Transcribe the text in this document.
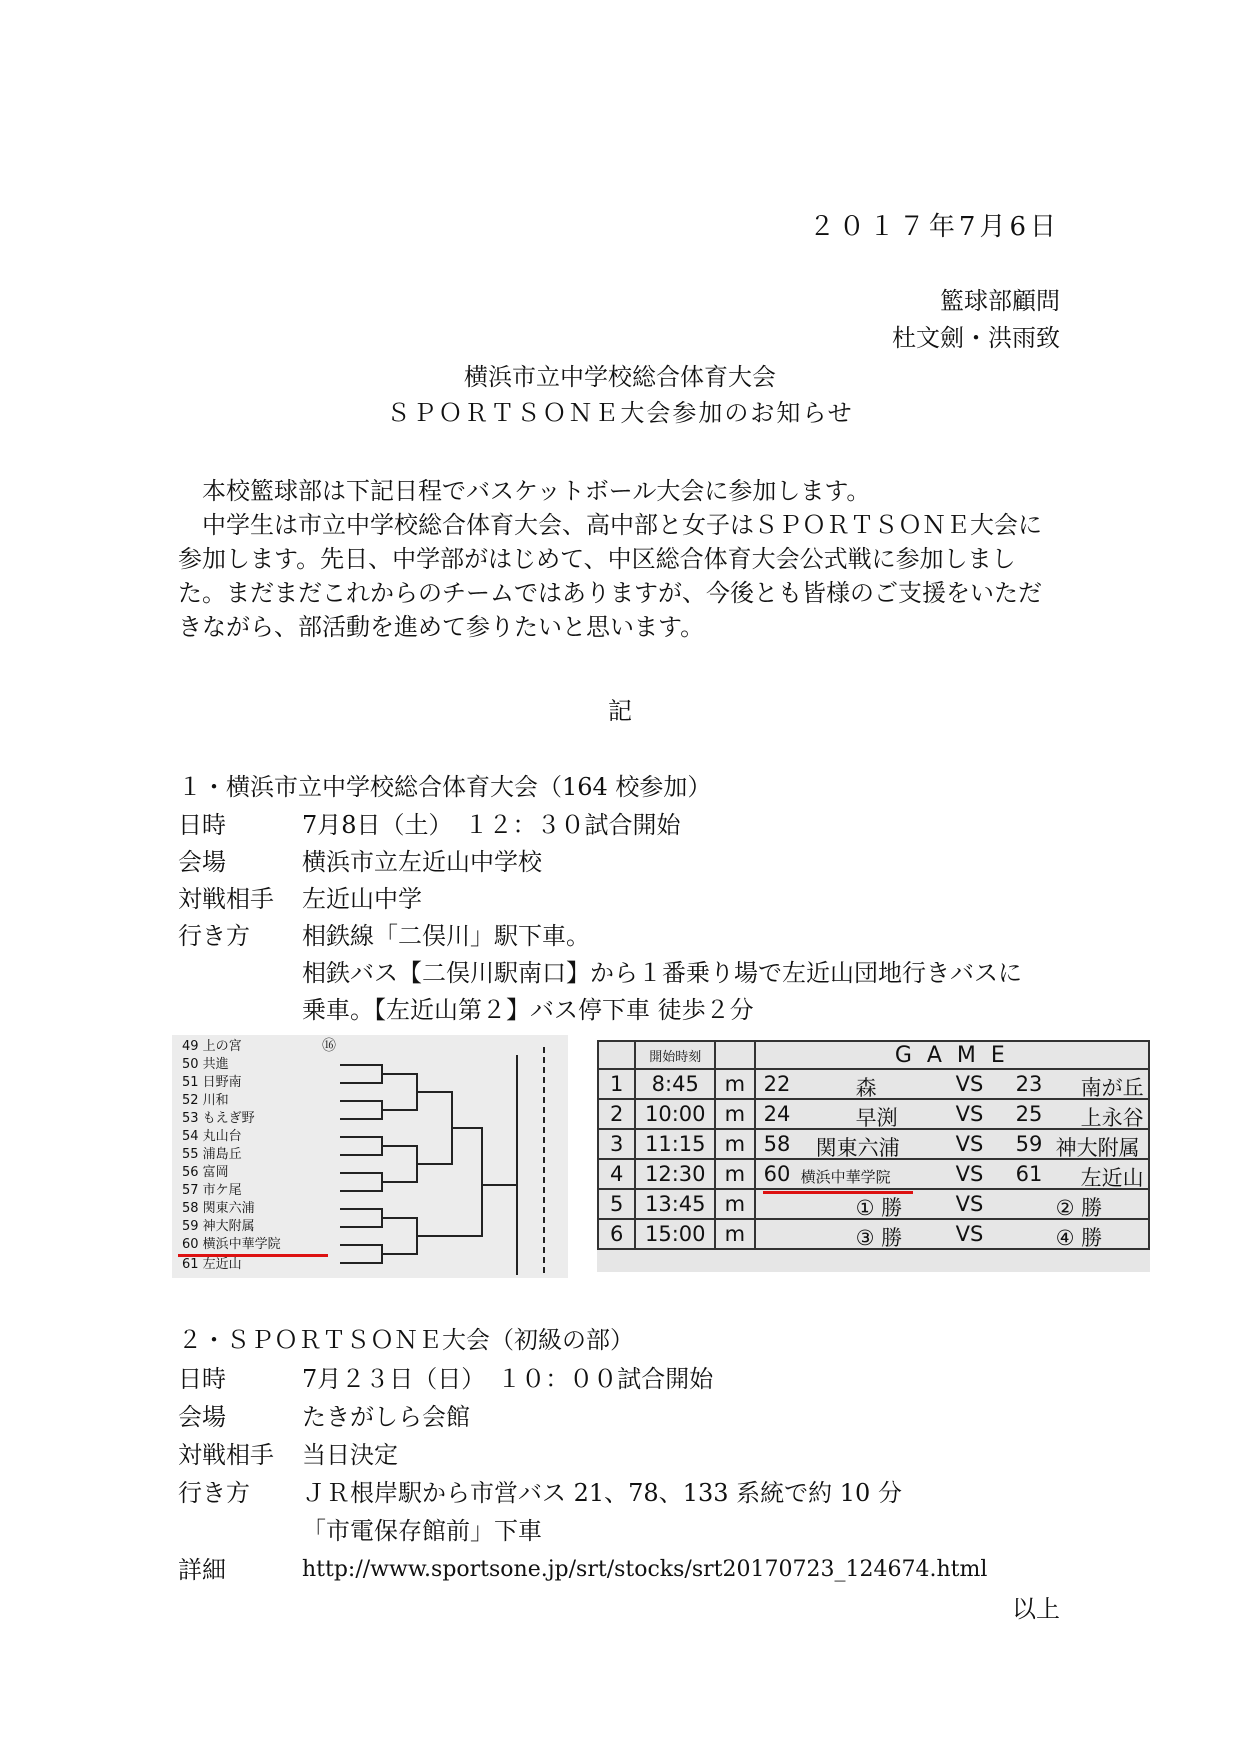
２０１７年7月6日
籃球部顧問
杜文劍・洪雨致
横浜市立中学校総合体育大会
ＳＰＯＲＴＳＯＮＥ大会参加のお知らせ

　本校籃球部は下記日程でバスケットボール大会に参加します。

　中学生は市立中学校総合体育大会、高中部と女子はＳＰＯＲＴＳＯＮＥ大会に参加します。先日、中学部がはじめて、中区総合体育大会公式戦に参加しました。まだまだこれからのチームではありますが、今後とも皆様のご支援をいただきながら、部活動を進めて参りたいと思います。

記
１・横浜市立中学校総合体育大会（164 校参加）
日時	7月8日（土）　１２：３０試合開始
会場	横浜市立左近山中学校
対戦相手 左近山中学
行き方 相鉄線「二俣川」駅下車。
相鉄バス【二俣川駅南口】から１番乗り場で左近山団地行きバスに
乗車。【左近山第２】バス停下車 徒歩２分
⑯
49 上の宮
50 共進
51 日野南
52 川和
53 もえぎ野
54 丸山台
55 浦島丘
56 富岡
57 市ケ尾
58 関東六浦
59 神大附属
60 横浜中華学院
61 左近山
	開始時刻		G A M E
1	8:45	m	22 森 VS 23 南が丘

2	10:00	m	24 早渕 VS 25 上永谷

3	11:15	m	58 関東六浦 VS 59 神大附属

4	12:30	m	60 横浜中華学院 VS 61 左近山

5	13:45	m	① 勝 VS ② 勝

6	15:00	m	③ 勝 VS ④ 勝
２・ＳＰＯＲＴＳＯＮＥ大会（初級の部）
日時	7月２３日（日）　１０：００試合開始
会場	たきがしら会館
対戦相手 当日決定
行き方 ＪＲ根岸駅から市営バス 21、78、133 系統で約 10 分
「市電保存館前」下車
詳細	http://www.sportsone.jp/srt/stocks/srt20170723_124674.html
以上
